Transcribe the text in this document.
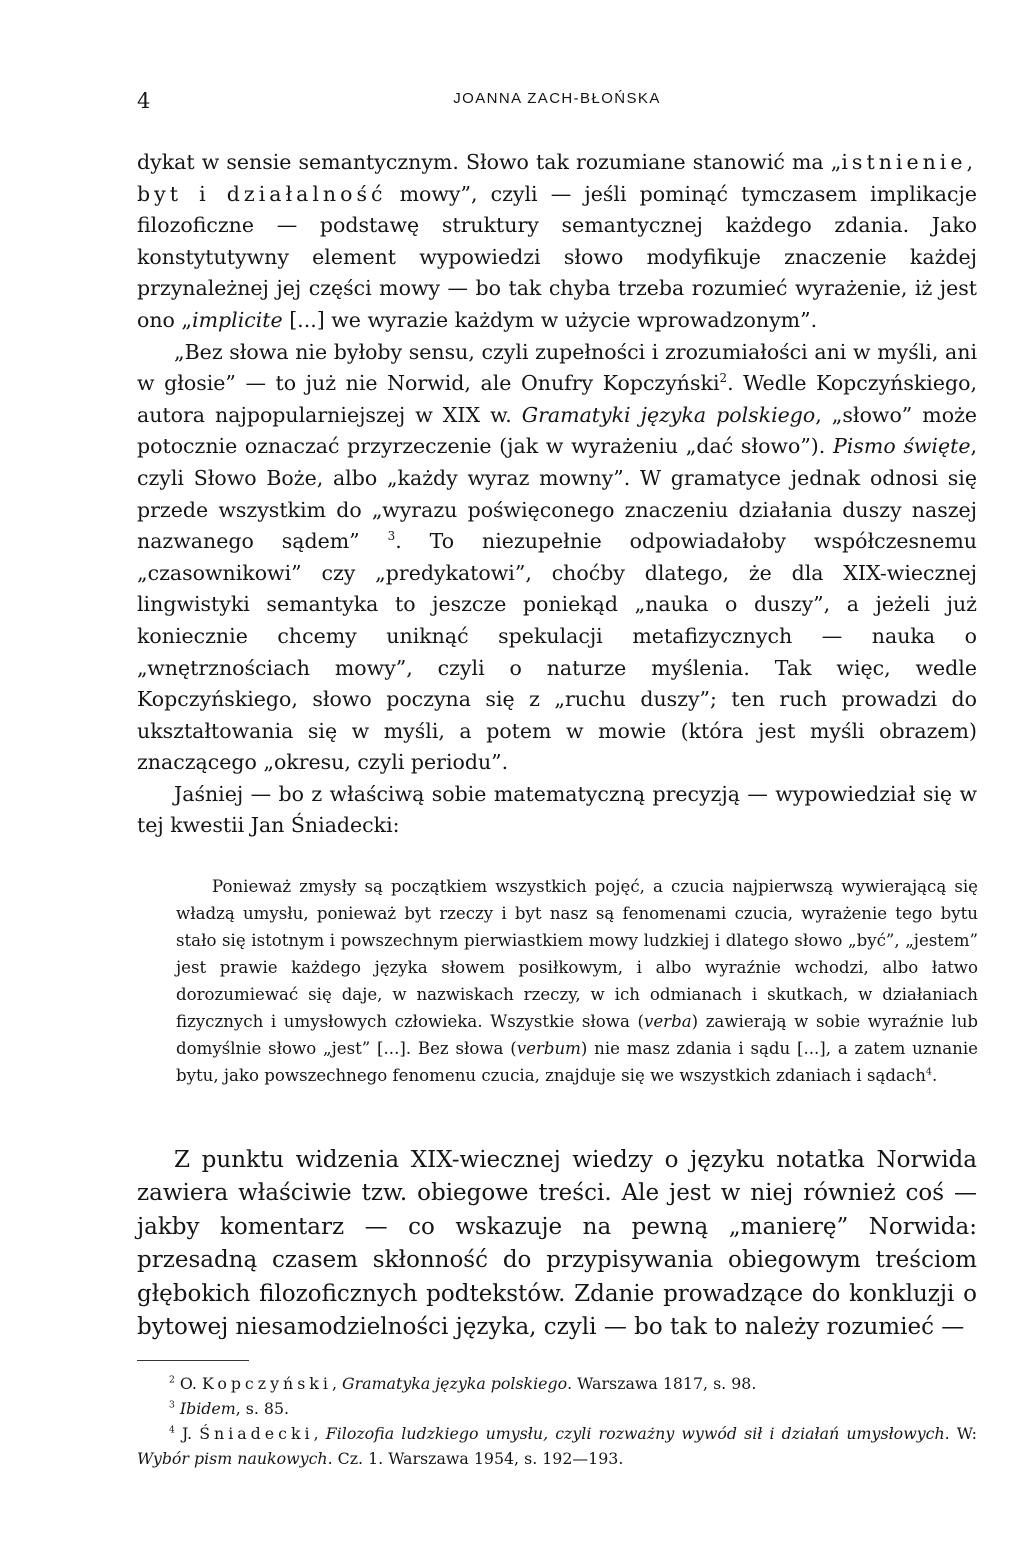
4	JOANNA ZACH-BŁOŃSKA

dykat w sensie semantycznym. Słowo tak rozumiane stanowić ma „istnienie, byt i działalność mowy”, czyli — jeśli pominąć tymczasem implikacje filozoficzne — podstawę struktury semantycznej każdego zdania. Jako konstytutywny element wypowiedzi słowo modyfikuje znaczenie każdej przynależnej jej części mowy — bo tak chyba trzeba rozumieć wyrażenie, iż jest ono „implicite [...] we wyrazie każdym w użycie wprowadzonym”.

„Bez słowa nie byłoby sensu, czyli zupełności i zrozumiałości ani w myśli, ani w głosie” — to już nie Norwid, ale Onufry Kopczyński$^2$. Wedle Kopczyńskiego, autora najpopularniejszej w XIX w. Gramatyki języka polskiego, „słowo” może potocznie oznaczać przyrzeczenie (jak w wyrażeniu „dać słowo”). Pismo święte, czyli Słowo Boże, albo „każdy wyraz mowny”. W gramatyce jednak odnosi się przede wszystkim do „wyrazu poświęconego znaczeniu działania duszy naszej nazwanego sądem” $^3$. To niezupełnie odpowiadałoby współczesnemu „czasownikowi” czy „predykatowi”, choćby dlatego, że dla XIX-wiecznej lingwistyki semantyka to jeszcze poniekąd „nauka o duszy”, a jeżeli już koniecznie chcemy uniknąć spekulacji metafizycznych — nauka o „wnętrznościach mowy”, czyli o naturze myślenia. Tak więc, wedle Kopczyńskiego, słowo poczyna się z „ruchu duszy”; ten ruch prowadzi do ukształtowania się w myśli, a potem w mowie (która jest myśli obrazem) znaczącego „okresu, czyli periodu”.

Jaśniej — bo z właściwą sobie matematyczną precyzją — wypowiedział się w tej kwestii Jan Śniadecki:

Ponieważ zmysły są początkiem wszystkich pojęć, a czucia najpierwszą wywierającą się władzą umysłu, ponieważ byt rzeczy i byt nasz są fenomenami czucia, wyrażenie tego bytu stało się istotnym i powszechnym pierwiastkiem mowy ludzkiej i dlatego słowo „być”, „jestem” jest prawie każdego języka słowem posiłkowym, i albo wyraźnie wchodzi, albo łatwo dorozumiewać się daje, w nazwiskach rzeczy, w ich odmianach i skutkach, w działaniach fizycznych i umysłowych człowieka. Wszystkie słowa (verba) zawierają w sobie wyraźnie lub domyślnie słowo „jest” [...]. Bez słowa (verbum) nie masz zdania i sądu [...], a zatem uznanie bytu, jako powszechnego fenomenu czucia, znajduje się we wszystkich zdaniach i sądach$^4$.

Z punktu widzenia XIX-wiecznej wiedzy o języku notatka Norwida zawiera właściwie tzw. obiegowe treści. Ale jest w niej również coś — jakby komentarz — co wskazuje na pewną „manierę” Norwida: przesadną czasem skłonność do przypisywania obiegowym treściom głębokich filozoficznych podtekstów. Zdanie prowadzące do konkluzji o bytowej niesamodzielności języka, czyli — bo tak to należy rozumieć —

$^2$ O. Kopczyński, Gramatyka języka polskiego. Warszawa 1817, s. 98.

$^3$ Ibidem, s. 85.

$^4$ J. Śniadecki, Filozofia ludzkiego umysłu, czyli rozważny wywód sił i działań umysłowych. W: Wybór pism naukowych. Cz. 1. Warszawa 1954, s. 192—193.
